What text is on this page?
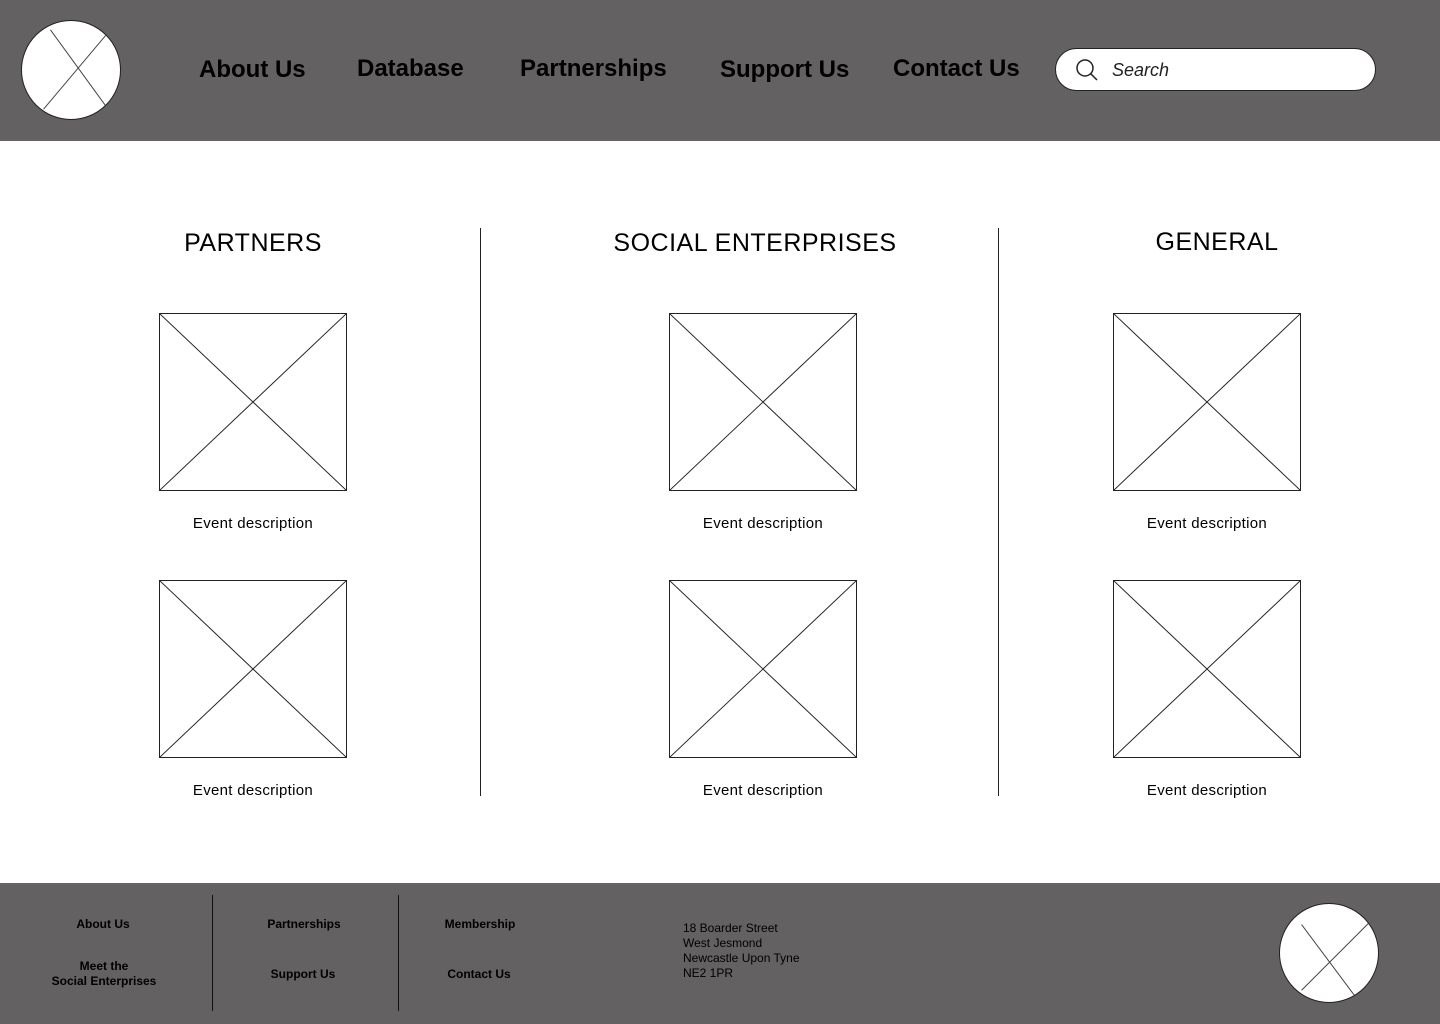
About Us Database Partnerships Support Us Contact Us
Search
PARTNERS	SOCIAL ENTERPRISES	GENERAL
Event description
Event description
Event description
Event description
Event description
Event description
About Us
Meet the
Social Enterprises
Partnerships
Support Us
Membership
Contact Us
18 Boarder Street
West Jesmond
Newcastle Upon Tyne
NE2 1PR
